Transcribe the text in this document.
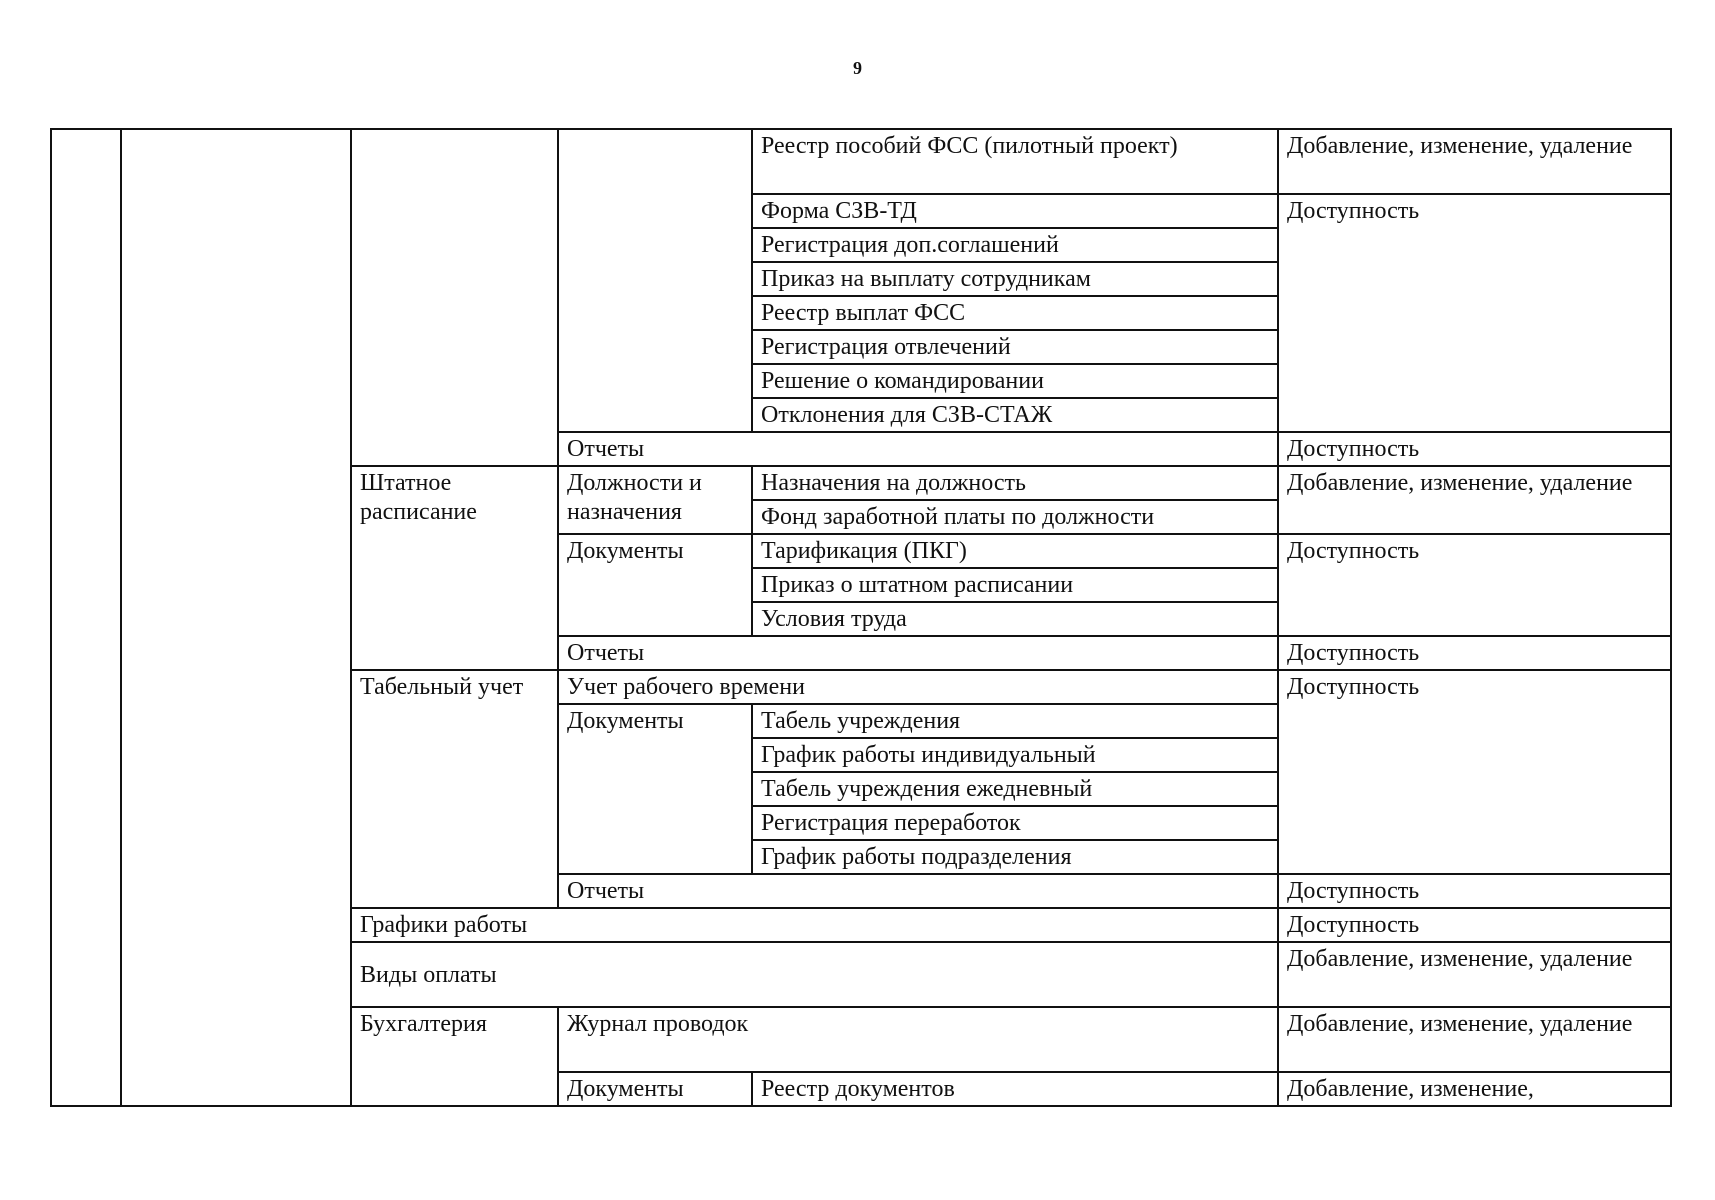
9
				Реестр пособий ФСС (пилотный проект)	Добавление, изменение, удаление
				Форма СЗВ-ТД	Доступность
				Регистрация доп.соглашений	
				Приказ на выплату сотрудникам	
				Реестр выплат ФСС	
				Регистрация отвлечений	
				Решение о командировании	
				Отклонения для СЗВ-СТАЖ	
			Отчеты		Доступность
		Штатное расписание	Должности и назначения	Назначения на должность	Добавление, изменение, удаление
				Фонд заработной платы по должности	
			Документы	Тарификация (ПКГ)	Доступность
				Приказ о штатном расписании	
				Условия труда	
			Отчеты		Доступность
		Табельный учет	Учет рабочего времени		Доступность
			Документы	Табель учреждения	
				График работы индивидуальный	
				Табель учреждения ежедневный	
				Регистрация переработок	
				График работы подразделения	
			Отчеты		Доступность
		Графики работы			Доступность
		Виды оплаты			Добавление, изменение, удаление
		Бухгалтерия	Журнал проводок		Добавление, изменение, удаление
			Документы	Реестр документов	Добавление, изменение,
